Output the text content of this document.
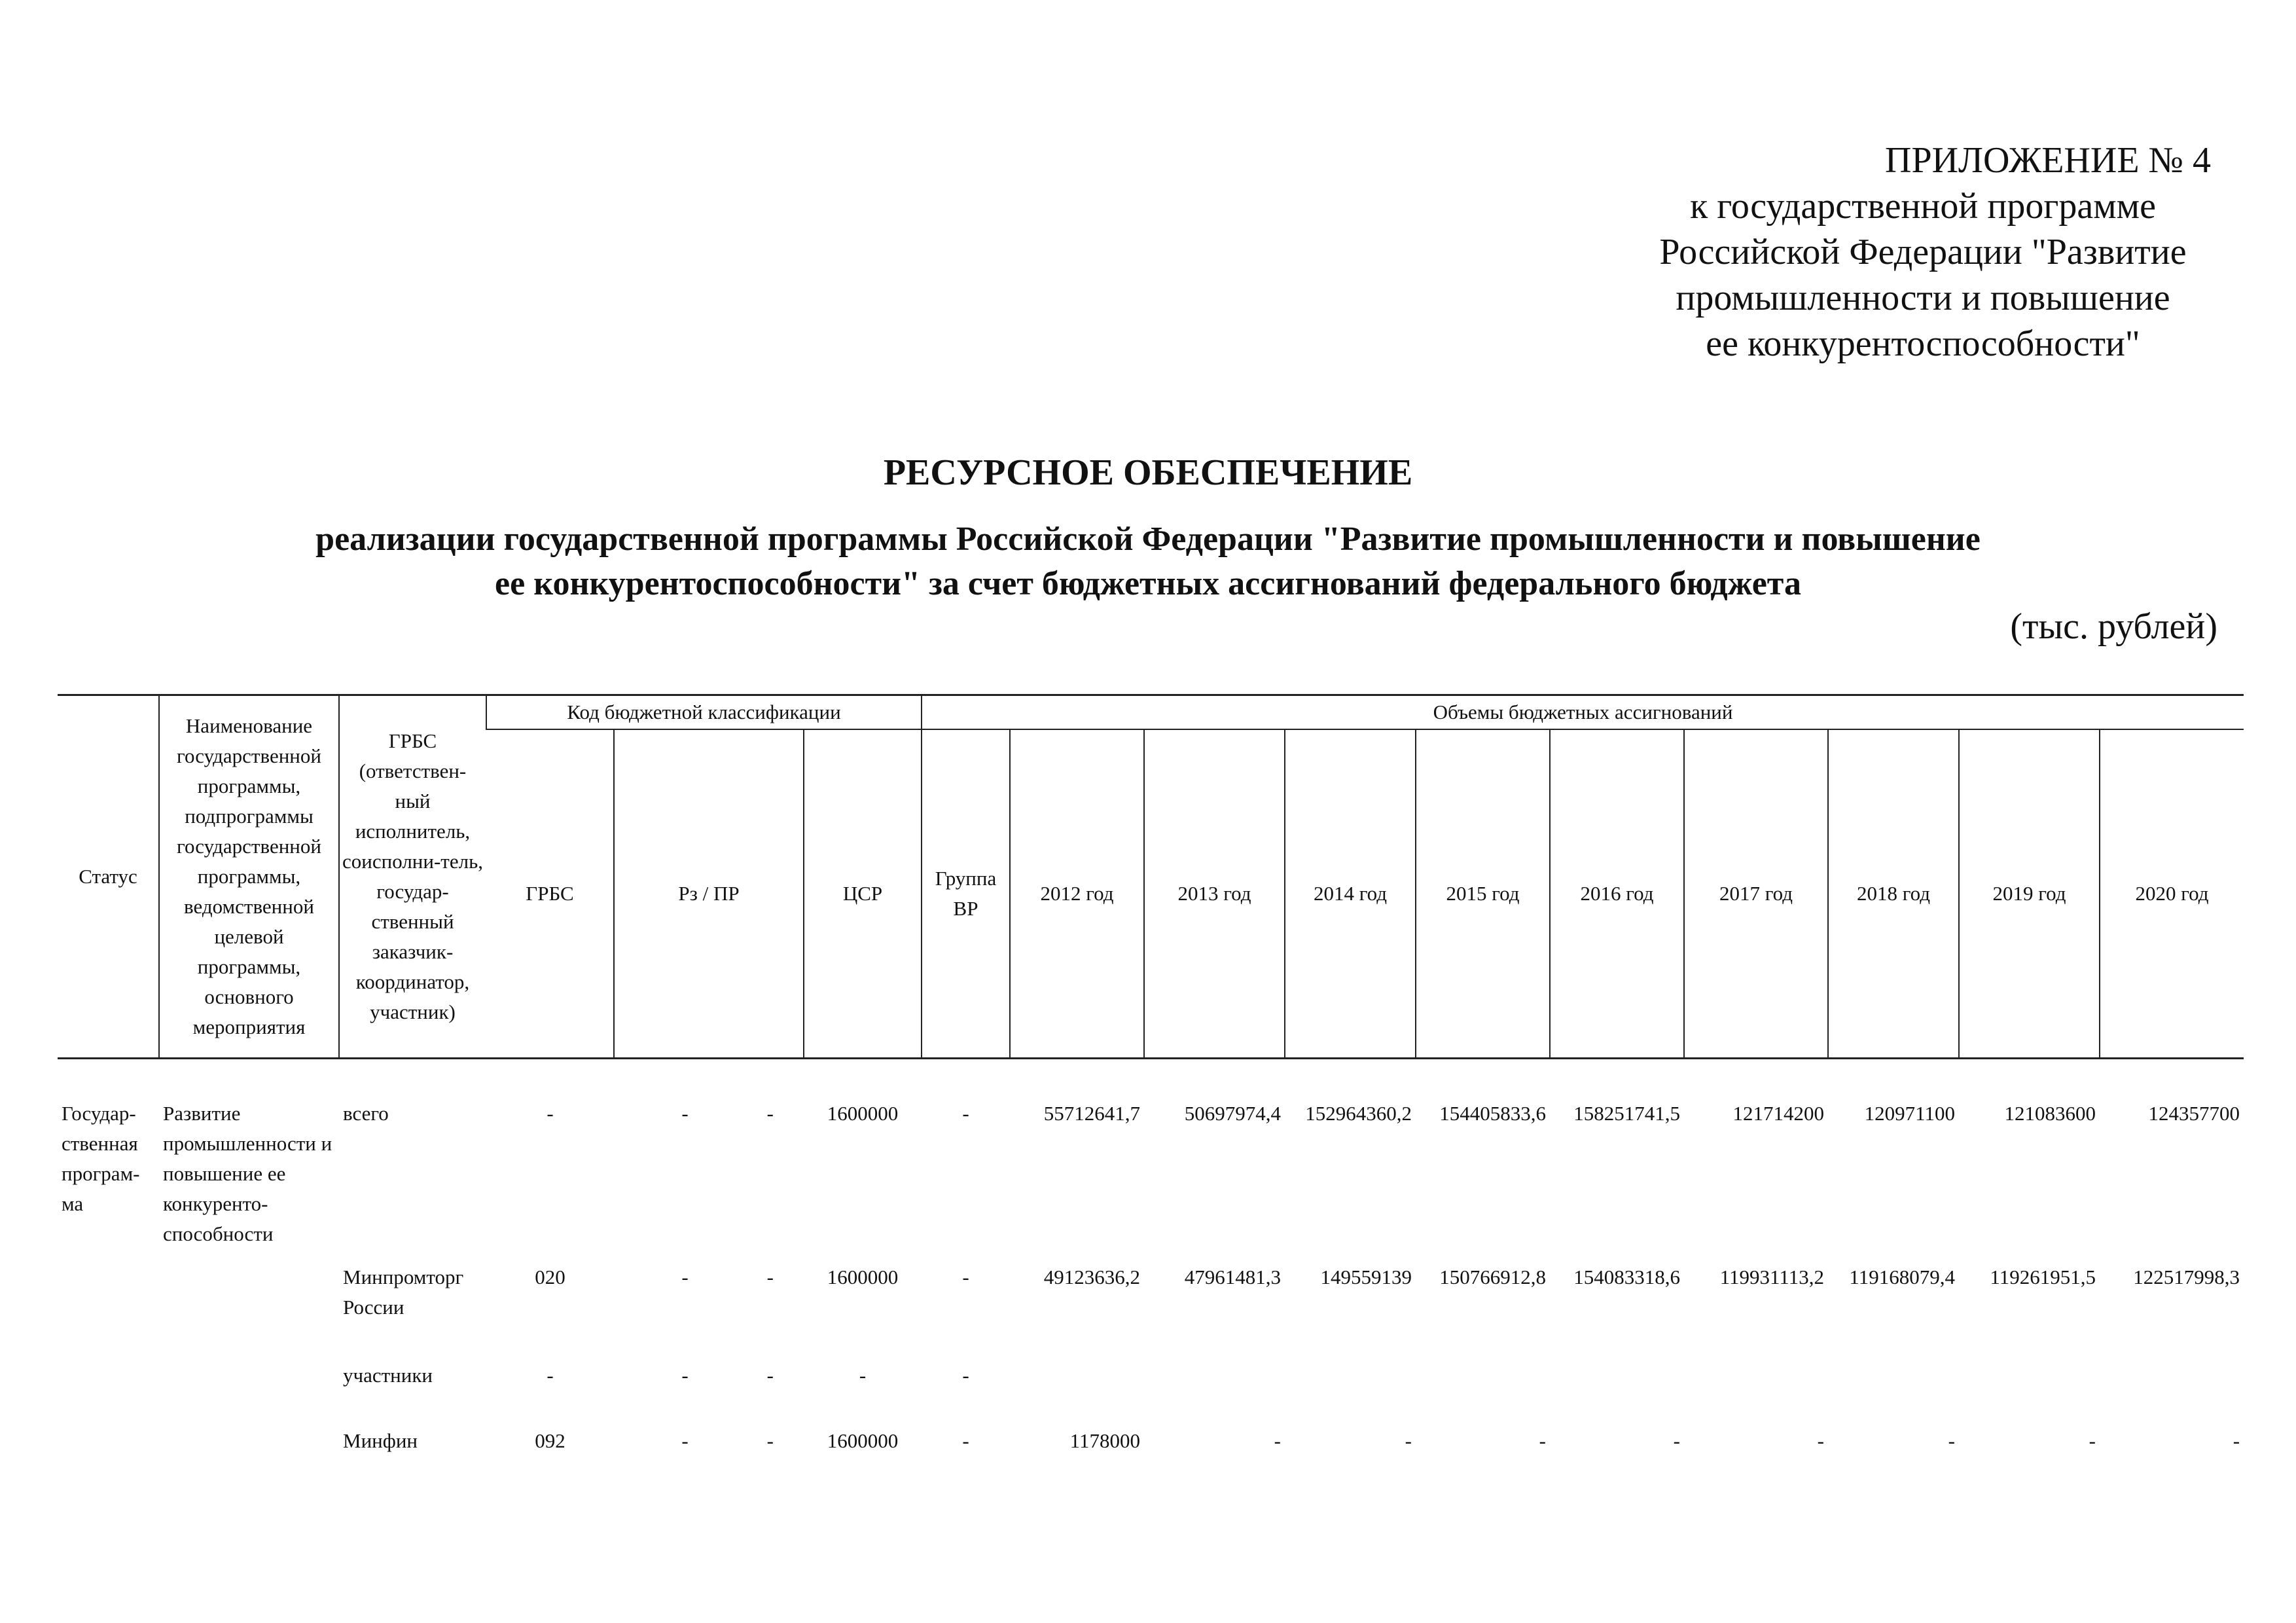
ПРИЛОЖЕНИЕ № 4
к государственной программе
Российской Федерации "Развитие
промышленности и повышение
ее конкурентоспособности"
РЕСУРСНОЕ ОБЕСПЕЧЕНИЕ
реализации государственной программы Российской Федерации "Развитие промышленности и повышение
ее конкурентоспособности" за счет бюджетных ассигнований федерального бюджета
(тыс. рублей)
Статус	Наименование государственной программы, подпрограммы государственной программы, ведомственной целевой программы, основного мероприятия	ГРБС (ответствен-ный исполнитель, соисполни-тель, государ-ственный заказчик-координатор, участник)	Код бюджетной классификации			Объемы бюджетных ассигнований									
			ГРБС	Рз / ПР	ЦСР	Группа ВР	2012 год	2013 год	2014 год	2015 год	2016 год	2017 год	2018 год	2019 год	2020 год

Государ-ственная програм-ма	Развитие промышленности и повышение ее конкуренто-способности	всего	-	- -	1600000	-	55712641,7	50697974,4	152964360,2	154405833,6	158251741,5	121714200	120971100	121083600	124357700
		Минпромторг России	020	- -	1600000	-	49123636,2	47961481,3	149559139	150766912,8	154083318,6	119931113,2	119168079,4	119261951,5	122517998,3
		участники	-	- -	-	-									
		Минфин	092	- -	1600000	-	1178000	-	-	-	-	-	-	-	-
